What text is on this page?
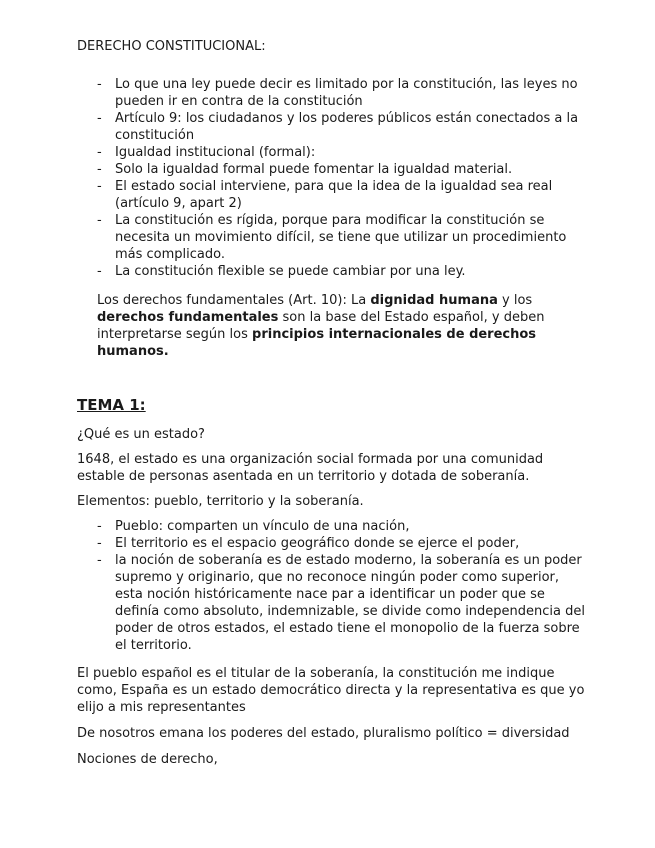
DERECHO CONSTITUCIONAL:

- Lo que una ley puede decir es limitado por la constitución, las leyes no pueden ir en contra de la constitución
- Artículo 9: los ciudadanos y los poderes públicos están conectados a la constitución
- Igualdad institucional (formal):
- Solo la igualdad formal puede fomentar la igualdad material.
- El estado social interviene, para que la idea de la igualdad sea real (artículo 9, apart 2)
- La constitución es rígida, porque para modificar la constitución se necesita un movimiento difícil, se tiene que utilizar un procedimiento más complicado.
- La constitución flexible se puede cambiar por una ley.

Los derechos fundamentales (Art. 10): La dignidad humana y los derechos fundamentales son la base del Estado español, y deben interpretarse según los principios internacionales de derechos humanos.

TEMA 1:

¿Qué es un estado?

1648, el estado es una organización social formada por una comunidad estable de personas asentada en un territorio y dotada de soberanía.

Elementos: pueblo, territorio y la soberanía.

- Pueblo: comparten un vínculo de una nación,
- El territorio es el espacio geográfico donde se ejerce el poder,
- la noción de soberanía es de estado moderno, la soberanía es un poder supremo y originario, que no reconoce ningún poder como superior, esta noción históricamente nace par a identificar un poder que se definía como absoluto, indemnizable, se divide como independencia del poder de otros estados, el estado tiene el monopolio de la fuerza sobre el territorio.

El pueblo español es el titular de la soberanía, la constitución me indique como, España es un estado democrático directa y la representativa es que yo elijo a mis representantes

De nosotros emana los poderes del estado, pluralismo político = diversidad

Nociones de derecho,
